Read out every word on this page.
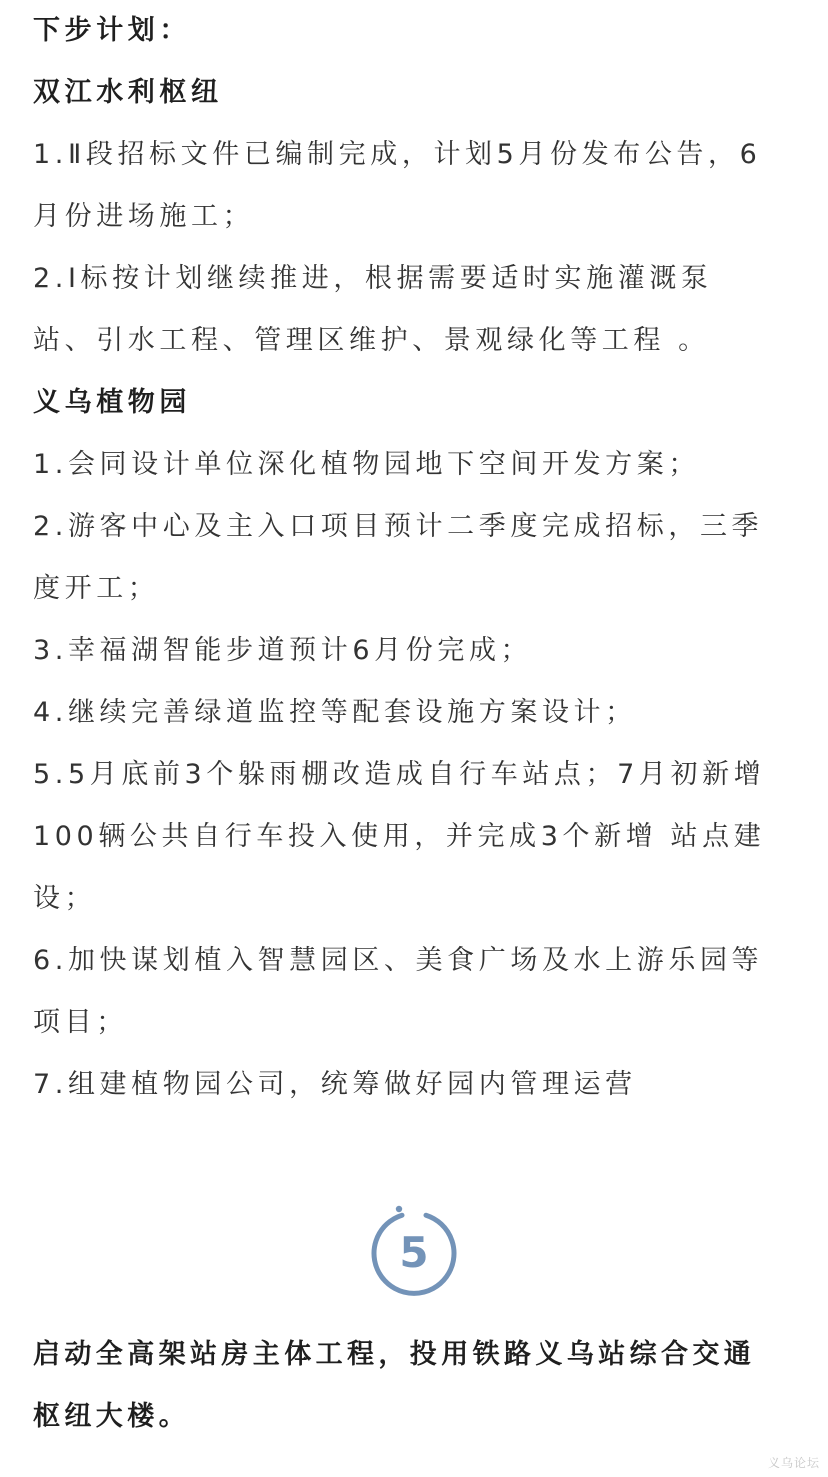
下步计划：
双江水利枢纽
1.Ⅱ段招标文件已编制完成，计划5月份发布公告，6
月份进场施工；
2.Ⅰ标按计划继续推进，根据需要适时实施灌溉泵
站、引水工程、管理区维护、景观绿化等工程 。
义乌植物园
1.会同设计单位深化植物园地下空间开发方案；
2.游客中心及主入口项目预计二季度完成招标，三季
度开工；
3.幸福湖智能步道预计6月份完成；
4.继续完善绿道监控等配套设施方案设计；
5.5月底前3个躲雨棚改造成自行车站点；7月初新增
100辆公共自行车投入使用，并完成3个新增 站点建
设；
6.加快谋划植入智慧园区、美食广场及水上游乐园等
项目；
7.组建植物园公司，统筹做好园内管理运营
5
启动全高架站房主体工程，投用铁路义乌站综合交通
枢纽大楼。
义乌论坛
